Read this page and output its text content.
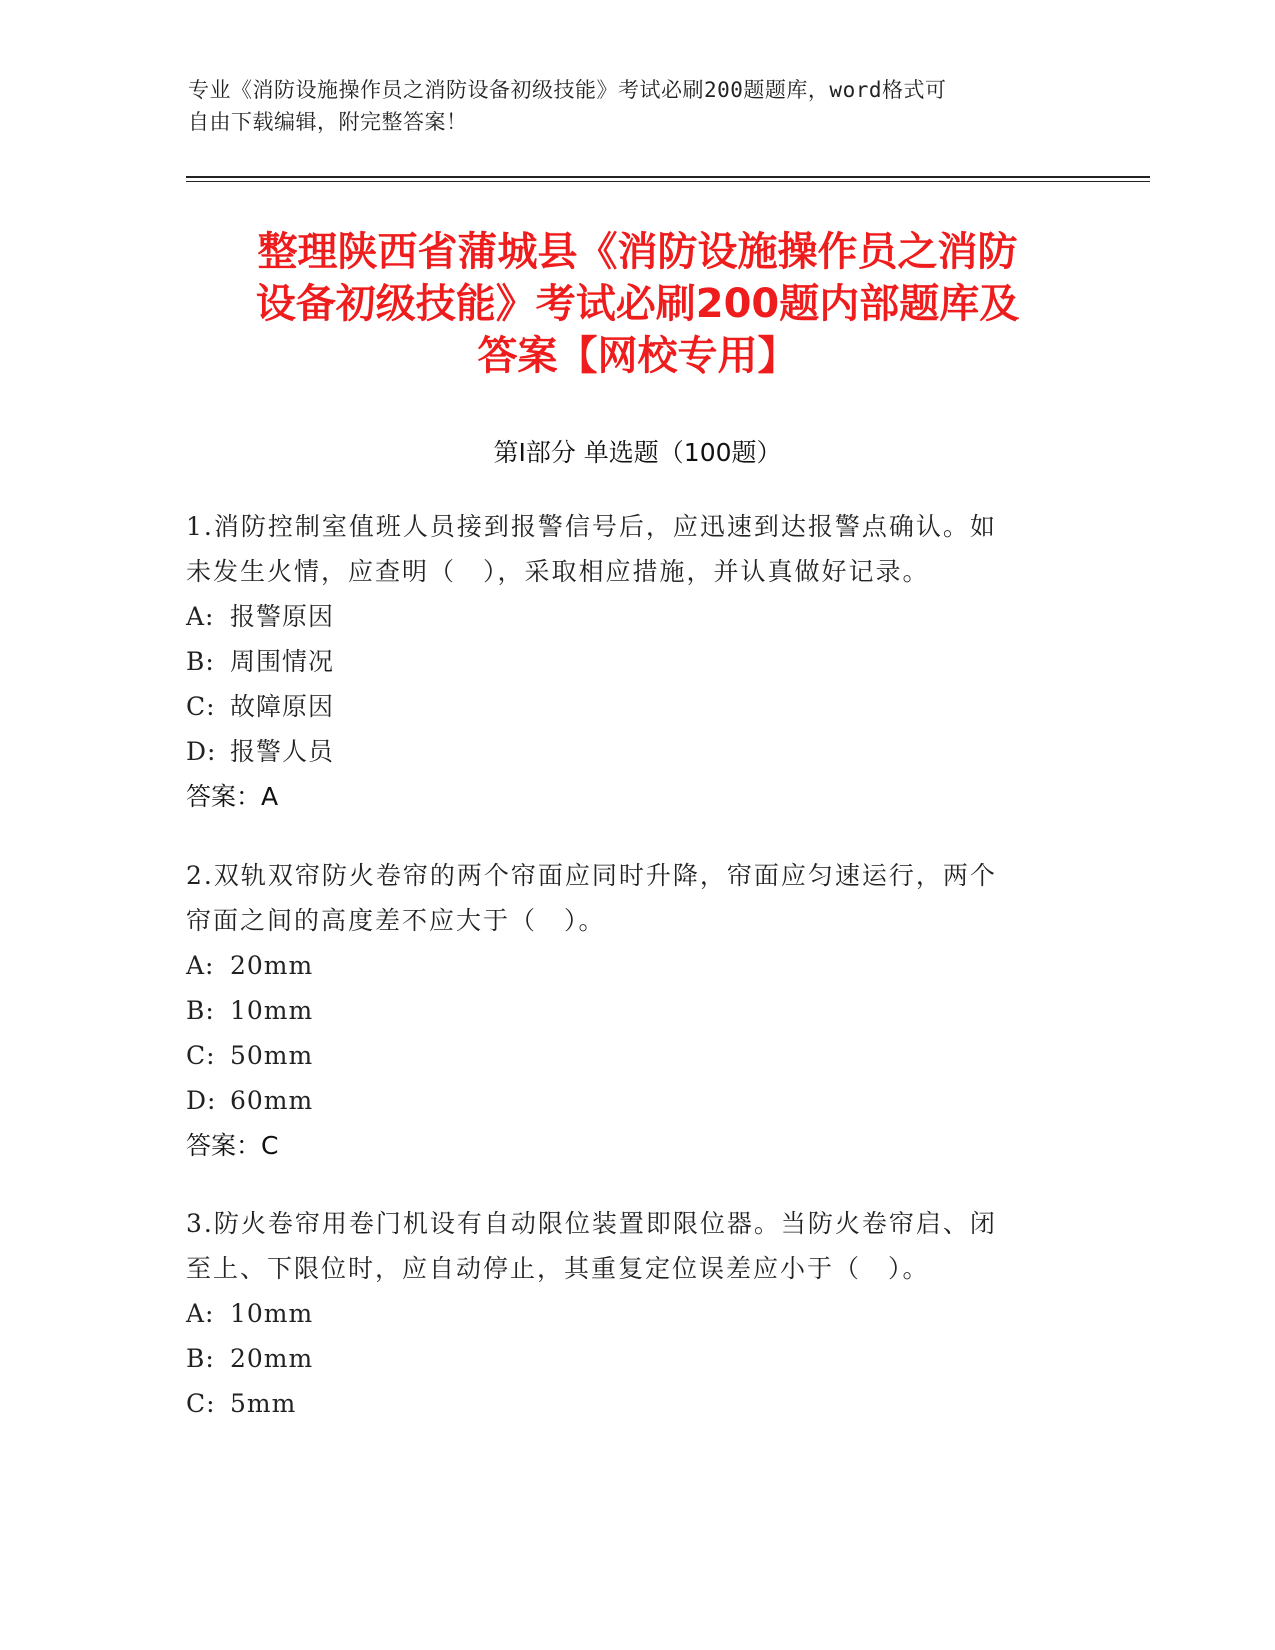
专业《消防设施操作员之消防设备初级技能》考试必刷200题题库，word格式可
自由下载编辑，附完整答案！
整理陕西省蒲城县《消防设施操作员之消防
设备初级技能》考试必刷200题内部题库及
答案【网校专用】
第Ⅰ部分 单选题（100题）
1.消防控制室值班人员接到报警信号后，应迅速到达报警点确认。如
未发生火情，应查明（　），采取相应措施，并认真做好记录。
A: 报警原因
B: 周围情况
C: 故障原因
D: 报警人员
答案：A
2.双轨双帘防火卷帘的两个帘面应同时升降，帘面应匀速运行，两个
帘面之间的高度差不应大于（　）。
A: 20mm
B: 10mm
C: 50mm
D: 60mm
答案：C
3.防火卷帘用卷门机设有自动限位装置即限位器。当防火卷帘启、闭
至上、下限位时，应自动停止，其重复定位误差应小于（　）。
A: 10mm
B: 20mm
C: 5mm
